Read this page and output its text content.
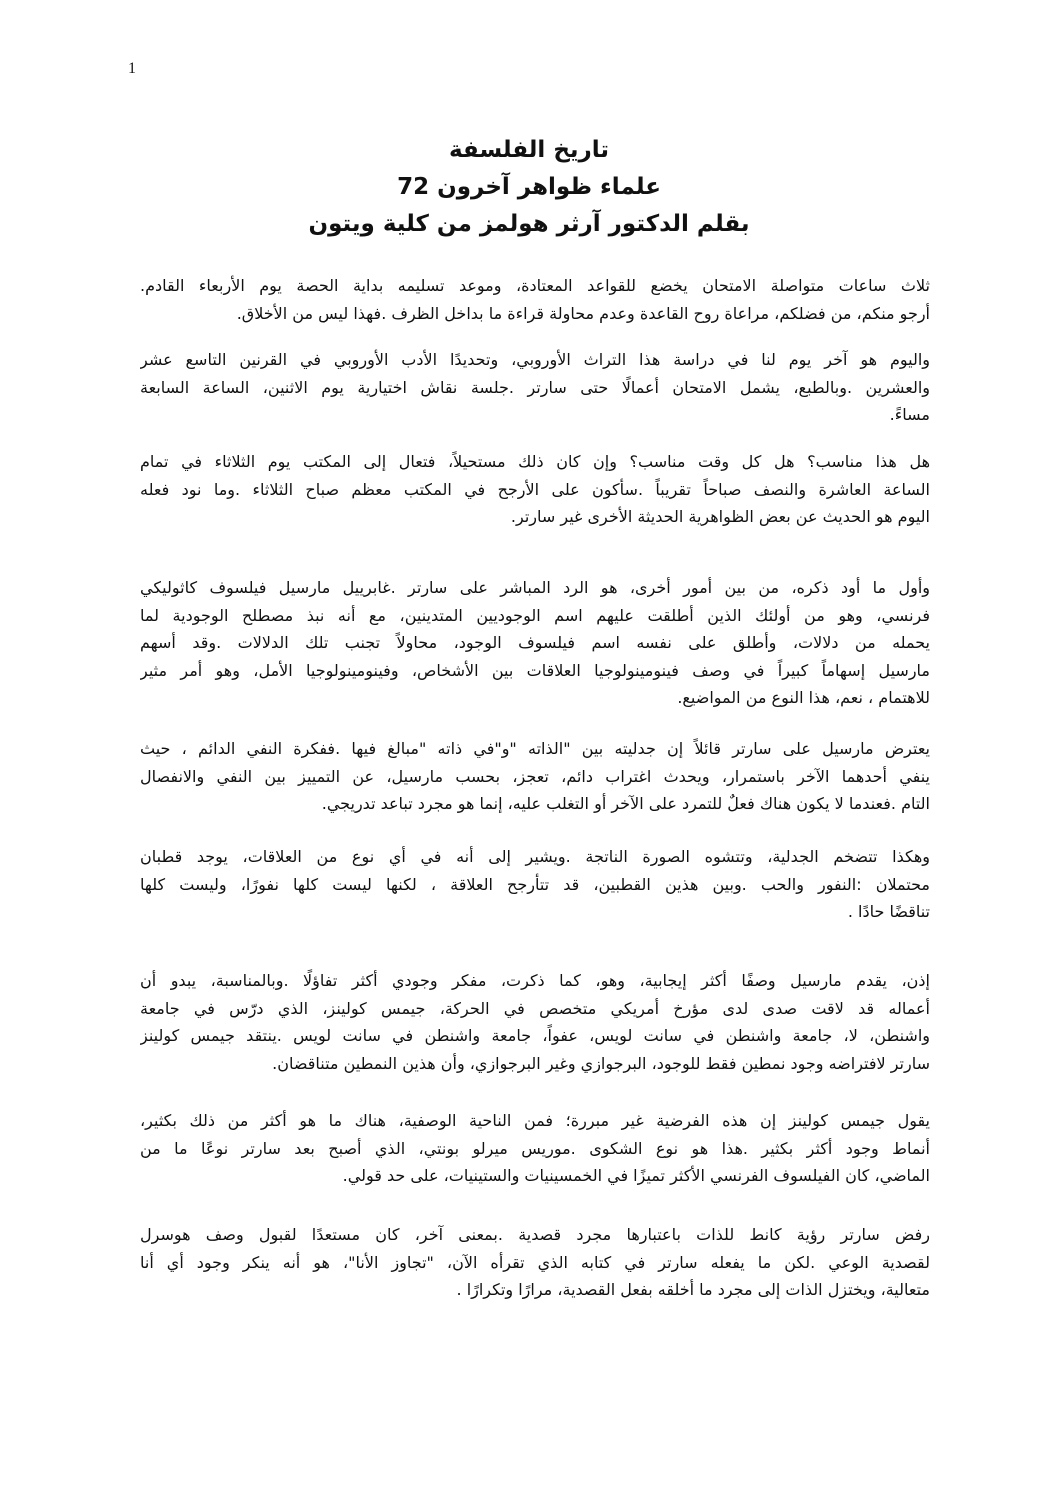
1
تاريخ الفلسفة
علماء ظواهر آخرون 72
بقلم الدكتور آرثر هولمز من كلية ويتون
ثلاث ساعات متواصلة الامتحان يخضع للقواعد المعتادة، وموعد تسليمه بداية الحصة يوم الأربعاء القادم.
أرجو منكم، من فضلكم، مراعاة روح القاعدة وعدم محاولة قراءة ما بداخل الظرف .فهذا ليس من الأخلاق.
واليوم هو آخر يوم لنا في دراسة هذا التراث الأوروبي، وتحديدًا الأدب الأوروبي في القرنين التاسع عشر
والعشرين .وبالطبع، يشمل الامتحان أعمالًا حتى سارتر .جلسة نقاش اختيارية يوم الاثنين، الساعة السابعة
مساءً.
هل هذا مناسب؟ هل كل وقت مناسب؟ وإن كان ذلك مستحيلاً، فتعال إلى المكتب يوم الثلاثاء في تمام
الساعة العاشرة والنصف صباحاً تقريباً .سأكون على الأرجح في المكتب معظم صباح الثلاثاء .وما نود فعله
اليوم هو الحديث عن بعض الظواهرية الحديثة الأخرى غير سارتر.
وأول ما أود ذكره، من بين أمور أخرى، هو الرد المباشر على سارتر .غابرييل مارسيل فيلسوف كاثوليكي
فرنسي، وهو من أولئك الذين أطلقت عليهم اسم الوجوديين المتدينين، مع أنه نبذ مصطلح الوجودية لما
يحمله من دلالات، وأطلق على نفسه اسم فيلسوف الوجود، محاولاً تجنب تلك الدلالات .وقد أسهم
مارسيل إسهاماً كبيراً في وصف فينومينولوجيا العلاقات بين الأشخاص، وفينومينولوجيا الأمل، وهو أمر مثير
للاهتمام ، نعم، هذا النوع من المواضيع.
يعترض مارسيل على سارتر قائلاً إن جدليته بين "الذاته "و"في ذاته "مبالغ فيها .ففكرة النفي الدائم ، حيث
ينفي أحدهما الآخر باستمرار، ويحدث اغتراب دائم، تعجز، بحسب مارسيل، عن التمييز بين النفي والانفصال
التام .فعندما لا يكون هناك فعلٌ للتمرد على الآخر أو التغلب عليه، إنما هو مجرد تباعد تدريجي.
وهكذا تتضخم الجدلية، وتتشوه الصورة الناتجة .ويشير إلى أنه في أي نوع من العلاقات، يوجد قطبان
محتملان :النفور والحب .وبين هذين القطبين، قد تتأرجح العلاقة ، لكنها ليست كلها نفورًا، وليست كلها
تناقضًا حادًا .
إذن، يقدم مارسيل وصفًا أكثر إيجابية، وهو، كما ذكرت، مفكر وجودي أكثر تفاؤلًا .وبالمناسبة، يبدو أن
أعماله قد لاقت صدى لدى مؤرخ أمريكي متخصص في الحركة، جيمس كولينز، الذي درّس في جامعة
واشنطن، لا، جامعة واشنطن في سانت لويس، عفواً، جامعة واشنطن في سانت لويس .ينتقد جيمس كولينز
سارتر لافتراضه وجود نمطين فقط للوجود، البرجوازي وغير البرجوازي، وأن هذين النمطين متناقضان.
يقول جيمس كولينز إن هذه الفرضية غير مبررة؛ فمن الناحية الوصفية، هناك ما هو أكثر من ذلك بكثير،
أنماط وجود أكثر بكثير .هذا هو نوع الشكوى .موريس ميرلو بونتي، الذي أصبح بعد سارتر نوعًا ما من
الماضي، كان الفيلسوف الفرنسي الأكثر تميزًا في الخمسينيات والستينيات، على حد قولي.
رفض سارتر رؤية كانط للذات باعتبارها مجرد قصدية .بمعنى آخر، كان مستعدًا لقبول وصف هوسرل
لقصدية الوعي .لكن ما يفعله سارتر في كتابه الذي تقرأه الآن، "تجاوز الأنا"، هو أنه ينكر وجود أي أنا
متعالية، ويختزل الذات إلى مجرد ما أخلقه بفعل القصدية، مرارًا وتكرارًا .
